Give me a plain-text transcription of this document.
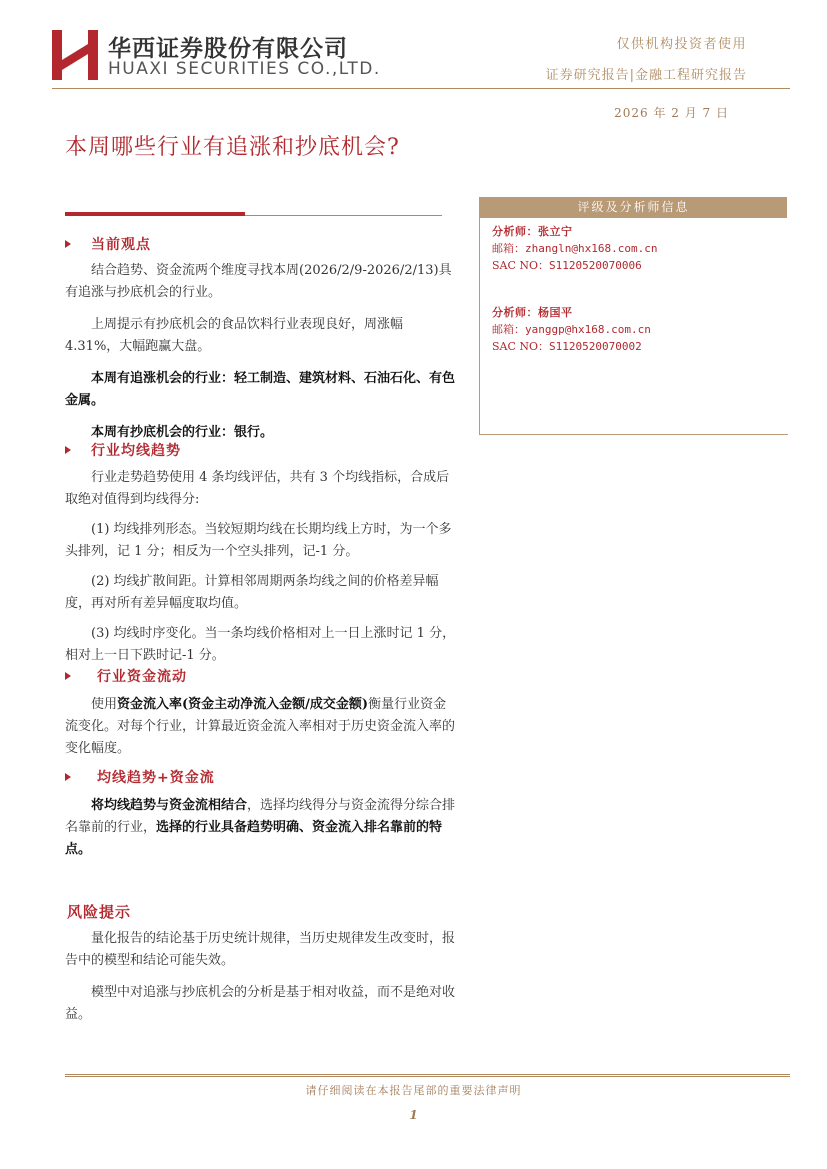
华西证券股份有限公司
HUAXI SECURITIES CO.,LTD.
仅供机构投资者使用
证券研究报告|金融工程研究报告
2026 年 2 月 7 日
本周哪些行业有追涨和抄底机会?
当前观点

结合趋势、资金流两个维度寻找本周(2026/2/9-2026/2/13)具有追涨与抄底机会的行业。

上周提示有抄底机会的食品饮料行业表现良好，周涨幅4.31%，大幅跑赢大盘。

本周有追涨机会的行业：轻工制造、建筑材料、石油石化、有色金属。

本周有抄底机会的行业：银行。

行业均线趋势

行业走势趋势使用 4 条均线评估，共有 3 个均线指标，合成后取绝对值得到均线得分:

(1) 均线排列形态。当较短期均线在长期均线上方时，为一个多头排列，记 1 分；相反为一个空头排列，记-1 分。

(2) 均线扩散间距。计算相邻周期两条均线之间的价格差异幅度，再对所有差异幅度取均值。

(3) 均线时序变化。当一条均线价格相对上一日上涨时记 1 分，相对上一日下跌时记-1 分。

行业资金流动

使用资金流入率(资金主动净流入金额/成交金额)衡量行业资金流变化。对每个行业，计算最近资金流入率相对于历史资金流入率的变化幅度。

均线趋势+资金流

将均线趋势与资金流相结合，选择均线得分与资金流得分综合排名靠前的行业，选择的行业具备趋势明确、资金流入排名靠前的特点。

风险提示

量化报告的结论基于历史统计规律，当历史规律发生改变时，报告中的模型和结论可能失效。

模型中对追涨与抄底机会的分析是基于相对收益，而不是绝对收益。

评级及分析师信息
分析师：张立宁
邮箱：zhangln@hx168.com.cn
SAC NO：S1120520070006
分析师：杨国平
邮箱：yanggp@hx168.com.cn
SAC NO：S1120520070002
请仔细阅读在本报告尾部的重要法律声明
1
